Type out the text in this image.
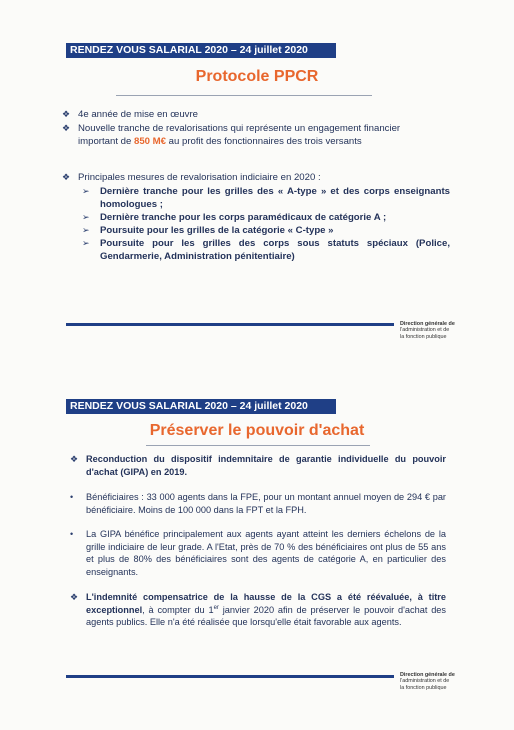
RENDEZ VOUS SALARIAL 2020 – 24 juillet 2020
Protocole PPCR
❖ 4e année de mise en œuvre
❖ Nouvelle tranche de revalorisations qui représente un engagement financier important de 850 M€ au profit des fonctionnaires des trois versants
❖ Principales mesures de revalorisation indiciaire en 2020 :
➢	Dernière tranche pour les grilles des « A-type » et des corps enseignants homologues ;
➢	Dernière tranche pour les corps paramédicaux de catégorie A ;
➢	Poursuite pour les grilles de la catégorie « C-type »
➢	Poursuite pour les grilles des corps sous statuts spéciaux (Police, Gendarmerie, Administration pénitentiaire)
Direction générale de
l'administration et de
la fonction publique
RENDEZ VOUS SALARIAL 2020 – 24 juillet 2020
Préserver le pouvoir d'achat
❖ Reconduction du dispositif indemnitaire de garantie individuelle du pouvoir d'achat (GIPA) en 2019.
•	Bénéficiaires : 33 000 agents dans la FPE, pour un montant annuel moyen de 294 € par bénéficiaire. Moins de 100 000 dans la FPT et la FPH.
•	La GIPA bénéfice principalement aux agents ayant atteint les derniers échelons de la grille indiciaire de leur grade. A l'Etat, près de 70 % des bénéficiaires ont plus de 55 ans et plus de 80% des bénéficiaires sont des agents de catégorie A, en particulier des enseignants.
❖ L'indemnité compensatrice de la hausse de la CGS a été réévaluée, à titre exceptionnel, à compter du 1er janvier 2020 afin de préserver le pouvoir d'achat des agents publics. Elle n'a été réalisée que lorsqu'elle était favorable aux agents.
Direction générale de
l'administration et de
la fonction publique
